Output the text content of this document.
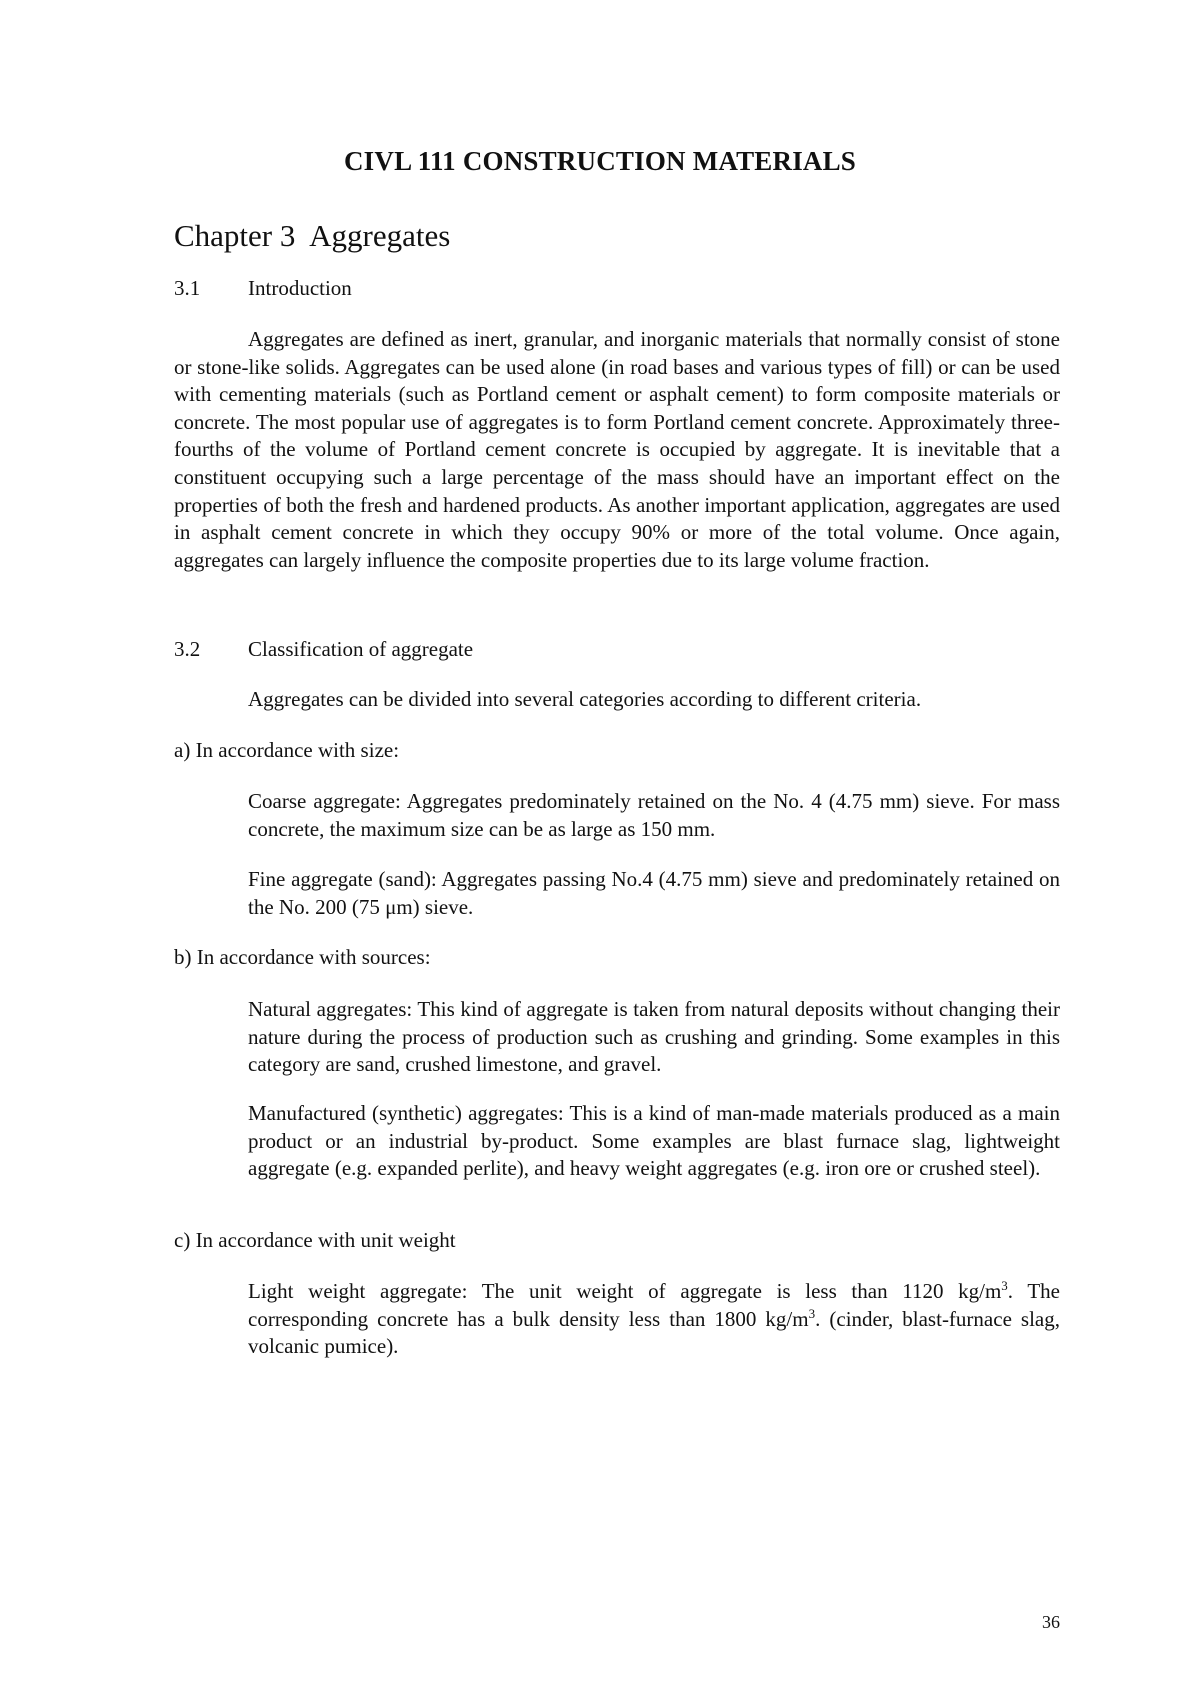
CIVL 111 CONSTRUCTION MATERIALS
Chapter 3  Aggregates
3.1 Introduction
Aggregates are defined as inert, granular, and inorganic materials that normally consist of stone or stone-like solids. Aggregates can be used alone (in road bases and various types of fill) or can be used with cementing materials (such as Portland cement or asphalt cement) to form composite materials or concrete. The most popular use of aggregates is to form Portland cement concrete. Approximately three-fourths of the volume of Portland cement concrete is occupied by aggregate. It is inevitable that a constituent occupying such a large percentage of the mass should have an important effect on the properties of both the fresh and hardened products. As another important application, aggregates are used in asphalt cement concrete in which they occupy 90% or more of the total volume. Once again, aggregates can largely influence the composite properties due to its large volume fraction.
3.2 Classification of aggregate
Aggregates can be divided into several categories according to different criteria.
a) In accordance with size:
Coarse aggregate: Aggregates predominately retained on the No. 4 (4.75 mm) sieve. For mass concrete, the maximum size can be as large as 150 mm.
Fine aggregate (sand): Aggregates passing No.4 (4.75 mm) sieve and predominately retained on the No. 200 (75 μm) sieve.
b) In accordance with sources:
Natural aggregates: This kind of aggregate is taken from natural deposits without changing their nature during the process of production such as crushing and grinding. Some examples in this category are sand, crushed limestone, and gravel.
Manufactured (synthetic) aggregates: This is a kind of man-made materials produced as a main product or an industrial by-product. Some examples are blast furnace slag, lightweight aggregate (e.g. expanded perlite), and heavy weight aggregates (e.g. iron ore or crushed steel).
c) In accordance with unit weight
Light weight aggregate: The unit weight of aggregate is less than 1120 $kg/m^3$. The corresponding concrete has a bulk density less than 1800 $kg/m^3$. (cinder, blast-furnace slag, volcanic pumice).
36
